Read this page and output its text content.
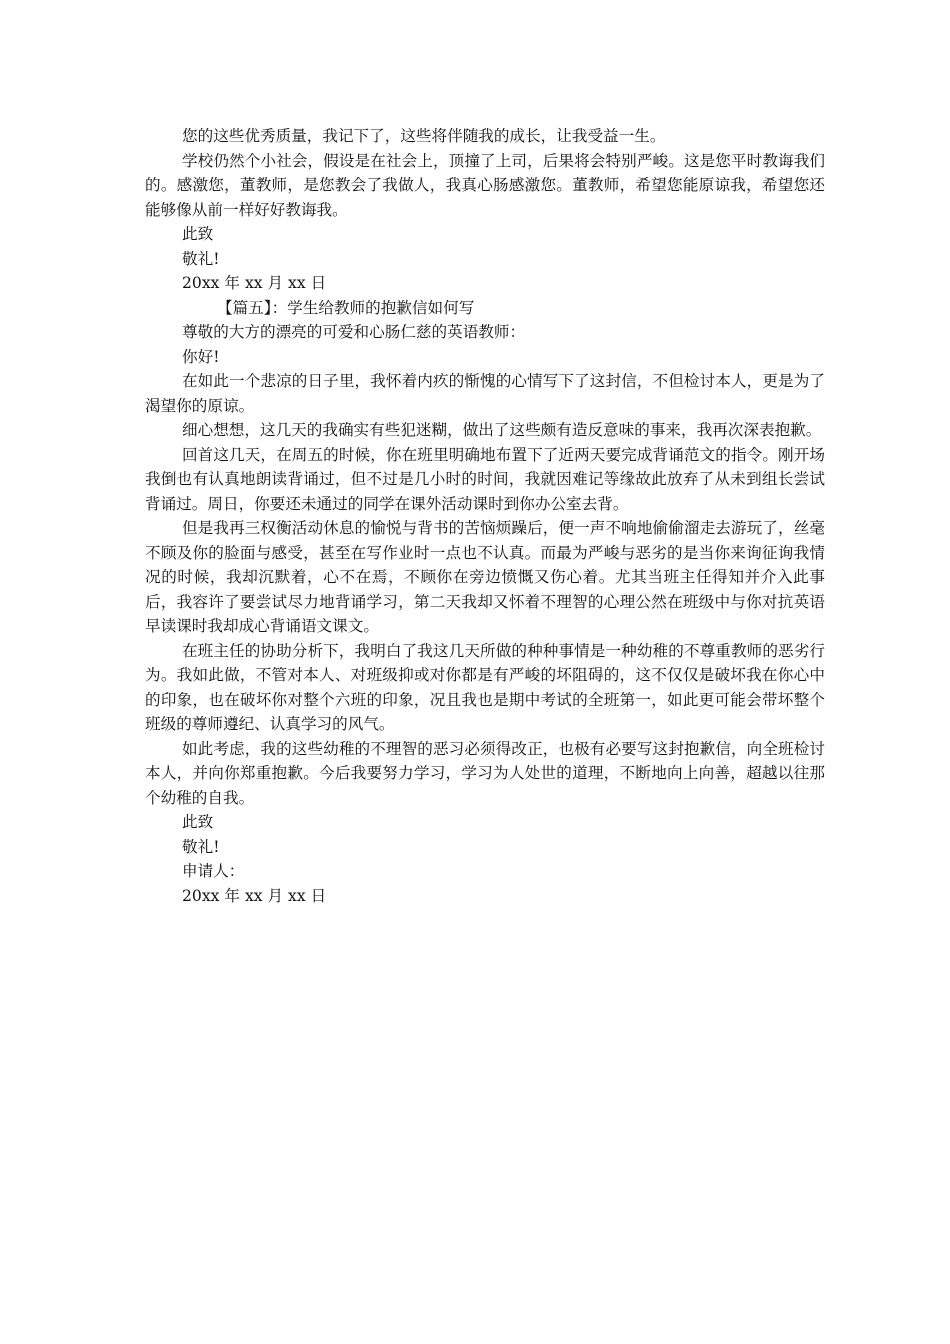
您的这些优秀质量，我记下了，这些将伴随我的成长，让我受益一生。

学校仍然个小社会，假设是在社会上，顶撞了上司，后果将会特别严峻。这是您平时教诲我们的。感激您，董教师，是您教会了我做人，我真心肠感激您。董教师，希望您能原谅我，希望您还能够像从前一样好好教诲我。

此致

敬礼!

20xx 年 xx 月 xx 日

【篇五】：学生给教师的抱歉信如何写

尊敬的大方的漂亮的可爱和心肠仁慈的英语教师：

你好!

在如此一个悲凉的日子里，我怀着内疚的惭愧的心情写下了这封信，不但检讨本人，更是为了渴望你的原谅。

细心想想，这几天的我确实有些犯迷糊，做出了这些颇有造反意味的事来，我再次深表抱歉。

回首这几天，在周五的时候，你在班里明确地布置下了近两天要完成背诵范文的指令。刚开场我倒也有认真地朗读背诵过，但不过是几小时的时间，我就因难记等缘故此放弃了从未到组长尝试背诵过。周日，你要还未通过的同学在课外活动课时到你办公室去背。

但是我再三权衡活动休息的愉悦与背书的苦恼烦躁后，便一声不响地偷偷溜走去游玩了，丝毫不顾及你的脸面与感受，甚至在写作业时一点也不认真。而最为严峻与恶劣的是当你来询征询我情况的时候，我却沉默着，心不在焉，不顾你在旁边愤慨又伤心着。尤其当班主任得知并介入此事后，我容许了要尝试尽力地背诵学习，第二天我却又怀着不理智的心理公然在班级中与你对抗英语早读课时我却成心背诵语文课文。

在班主任的协助分析下，我明白了我这几天所做的种种事情是一种幼稚的不尊重教师的恶劣行为。我如此做，不管对本人、对班级抑或对你都是有严峻的坏阻碍的，这不仅仅是破坏我在你心中的印象，也在破坏你对整个六班的印象，况且我也是期中考试的全班第一，如此更可能会带坏整个班级的尊师遵纪、认真学习的风气。

如此考虑，我的这些幼稚的不理智的恶习必须得改正，也极有必要写这封抱歉信，向全班检讨本人，并向你郑重抱歉。今后我要努力学习，学习为人处世的道理，不断地向上向善，超越以往那个幼稚的自我。

此致

敬礼!

申请人：

20xx 年 xx 月 xx 日
